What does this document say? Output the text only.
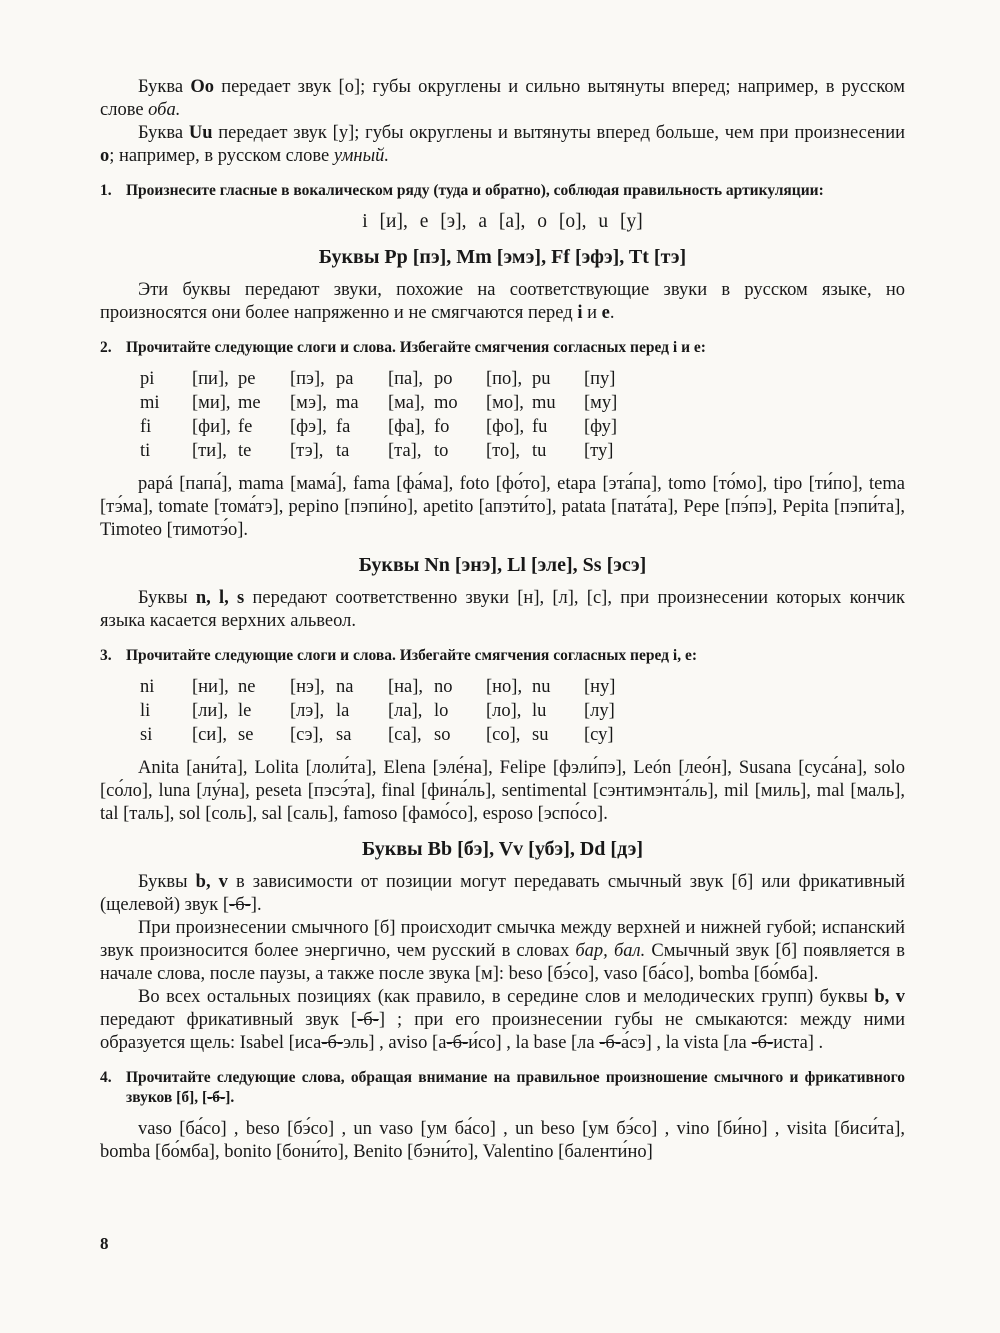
Буква Оо передает звук [о]; губы округлены и сильно вытянуты вперед; например, в русском слове оба.

Буква Uu передает звук [у]; губы округлены и вытянуты вперед больше, чем при произнесении о; например, в русском слове умный.

1. Произнесите гласные в вокалическом ряду (туда и обратно), соблюдая правильность артикуляции:
i [и], e [э], a [а], o [о], u [у]
Буквы Pp [пэ], Mm [эмэ], Ff [эфэ], Tt [тэ]

Эти буквы передают звуки, похожие на соответствующие звуки в русском языке, но произносятся они более напряженно и не смягчаются перед i и e.

2. Прочитайте следующие слоги и слова. Избегайте смягчения согласных перед i и e:
pi [пи], pe [пэ], pa [па], po [по], pu [пу]
mi [ми], me [мэ], ma [ма], mo [мо], mu [му]
fi [фи], fe [фэ], fa [фа], fo [фо], fu [фу]
ti [ти], te [тэ], ta [та], to [то], tu [ту]

papá [папа́], mama [мама́], fama [фа́ма], foto [фо́то], etapa [эта́па], tomo [то́мо], tipo [ти́по], tema [тэ́ма], tomate [тома́тэ], pepino [пэпи́но], apetito [апэти́то], patata [пата́та], Pepe [пэ́пэ], Pepita [пэпи́та], Timoteo [тимотэ́о].

Буквы Nn [энэ], Ll [эле], Ss [эсэ]

Буквы n, l, s передают соответственно звуки [н], [л], [с], при произнесении которых кончик языка касается верхних альвеол.

3. Прочитайте следующие слоги и слова. Избегайте смягчения согласных перед i, e:
ni [ни], ne [нэ], na [на], no [но], nu [ну]
li [ли], le [лэ], la [ла], lo [ло], lu [лу]
si [си], se [сэ], sa [са], so [со], su [су]

Anita [ани́та], Lolita [лоли́та], Elena [эле́на], Felipe [фэли́пэ], León [лео́н], Susana [суса́на], solo [со́ло], luna [лу́на], peseta [пэсэ́та], final [фина́ль], sentimental [сэнтимэнта́ль], mil [миль], mal [маль], tal [таль], sol [соль], sal [саль], famoso [фамо́со], esposo [эспо́со].

Буквы Bb [бэ], Vv [убэ], Dd [дэ]

Буквы b, v в зависимости от позиции могут передавать смычный звук [б] или фрикативный (щелевой) звук [-б-].

При произнесении смычного [б] происходит смычка между верхней и нижней губой; испанский звук произносится более энергично, чем русский в словах бар, бал. Смычный звук [б] появляется в начале слова, после паузы, а также после звука [м]: beso [бэ́со], vaso [ба́со], bomba [бо́мба].

Во всех остальных позициях (как правило, в середине слов и мелодических групп) буквы b, v передают фрикативный звук [-б-] ; при его произнесении губы не смыкаются: между ними образуется щель: Isabel [иса-б-эль] , aviso [а-б-и́со] , la base [ла -б-а́сэ] , la vista [ла -б-иста] .

4. Прочитайте следующие слова, обращая внимание на правильное произношение смычного и фрикативного звуков [б], [-б-].

vaso [ба́со] , beso [бэ́со] , un vaso [ум ба́со] , un beso [ум бэ́со] , vino [би́но] , visita [биси́та], bomba [бо́мба], bonito [бони́то], Benito [бэни́то], Valentino [баленти́но]

8
